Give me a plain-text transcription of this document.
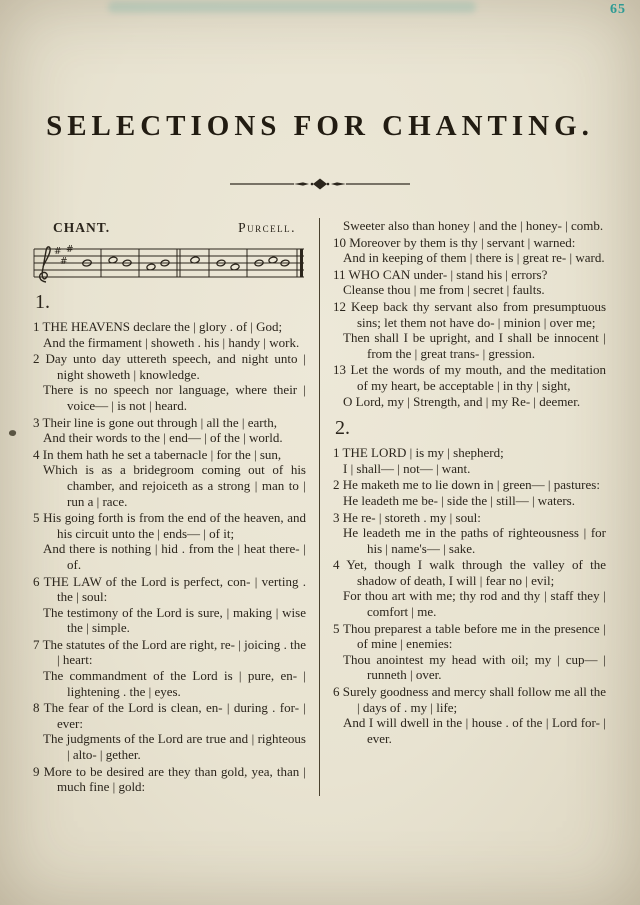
65
SELECTIONS FOR CHANTING.
CHANT.	Purcell.
#
#
#
1.

1 THE HEAVENS declare the | glory . of | God;

And the firmament | showeth . his | handy | work.

2 Day unto day uttereth speech, and night unto | night showeth | knowledge.

There is no speech nor language, where their | voice— | is not | heard.

3 Their line is gone out through | all the | earth,

And their words to the | end— | of the | world.

4 In them hath he set a tabernacle | for the | sun,

Which is as a bridegroom coming out of his chamber, and rejoiceth as a strong | man to | run a | race.

5 His going forth is from the end of the heaven, and his circuit unto the | ends— | of it;

And there is nothing | hid . from the | heat there- | of.

6 THE LAW of the Lord is perfect, con- | verting . the | soul:

The testimony of the Lord is sure, | making | wise the | simple.

7 The statutes of the Lord are right, re- | joicing . the | heart:

The commandment of the Lord is | pure, en- | lightening . the | eyes.

8 The fear of the Lord is clean, en- | during . for- | ever:

The judgments of the Lord are true and | righteous | alto- | gether.

9 More to be desired are they than gold, yea, than | much fine | gold:

Sweeter also than honey | and the | honey- | comb.

10 Moreover by them is thy | servant | warned:

And in keeping of them | there is | great re- | ward.

11 WHO CAN under- | stand his | errors?

Cleanse thou | me from | secret | faults.

12 Keep back thy servant also from presumptuous sins; let them not have do- | minion | over me;

Then shall I be upright, and I shall be innocent | from the | great trans- | gression.

13 Let the words of my mouth, and the meditation of my heart, be acceptable | in thy | sight,

O Lord, my | Strength, and | my Re- | deemer.

2.

1 THE LORD | is my | shepherd;

I | shall— | not— | want.

2 He maketh me to lie down in | green— | pastures:

He leadeth me be- | side the | still— | waters.

3 He re- | storeth . my | soul:

He leadeth me in the paths of righteousness | for his | name's— | sake.

4 Yet, though I walk through the valley of the shadow of death, I will | fear no | evil;

For thou art with me; thy rod and thy | staff they | comfort | me.

5 Thou preparest a table before me in the presence | of mine | enemies:

Thou anointest my head with oil; my | cup— | runneth | over.

6 Surely goodness and mercy shall follow me all the | days of . my | life;

And I will dwell in the | house . of the | Lord for- | ever.
